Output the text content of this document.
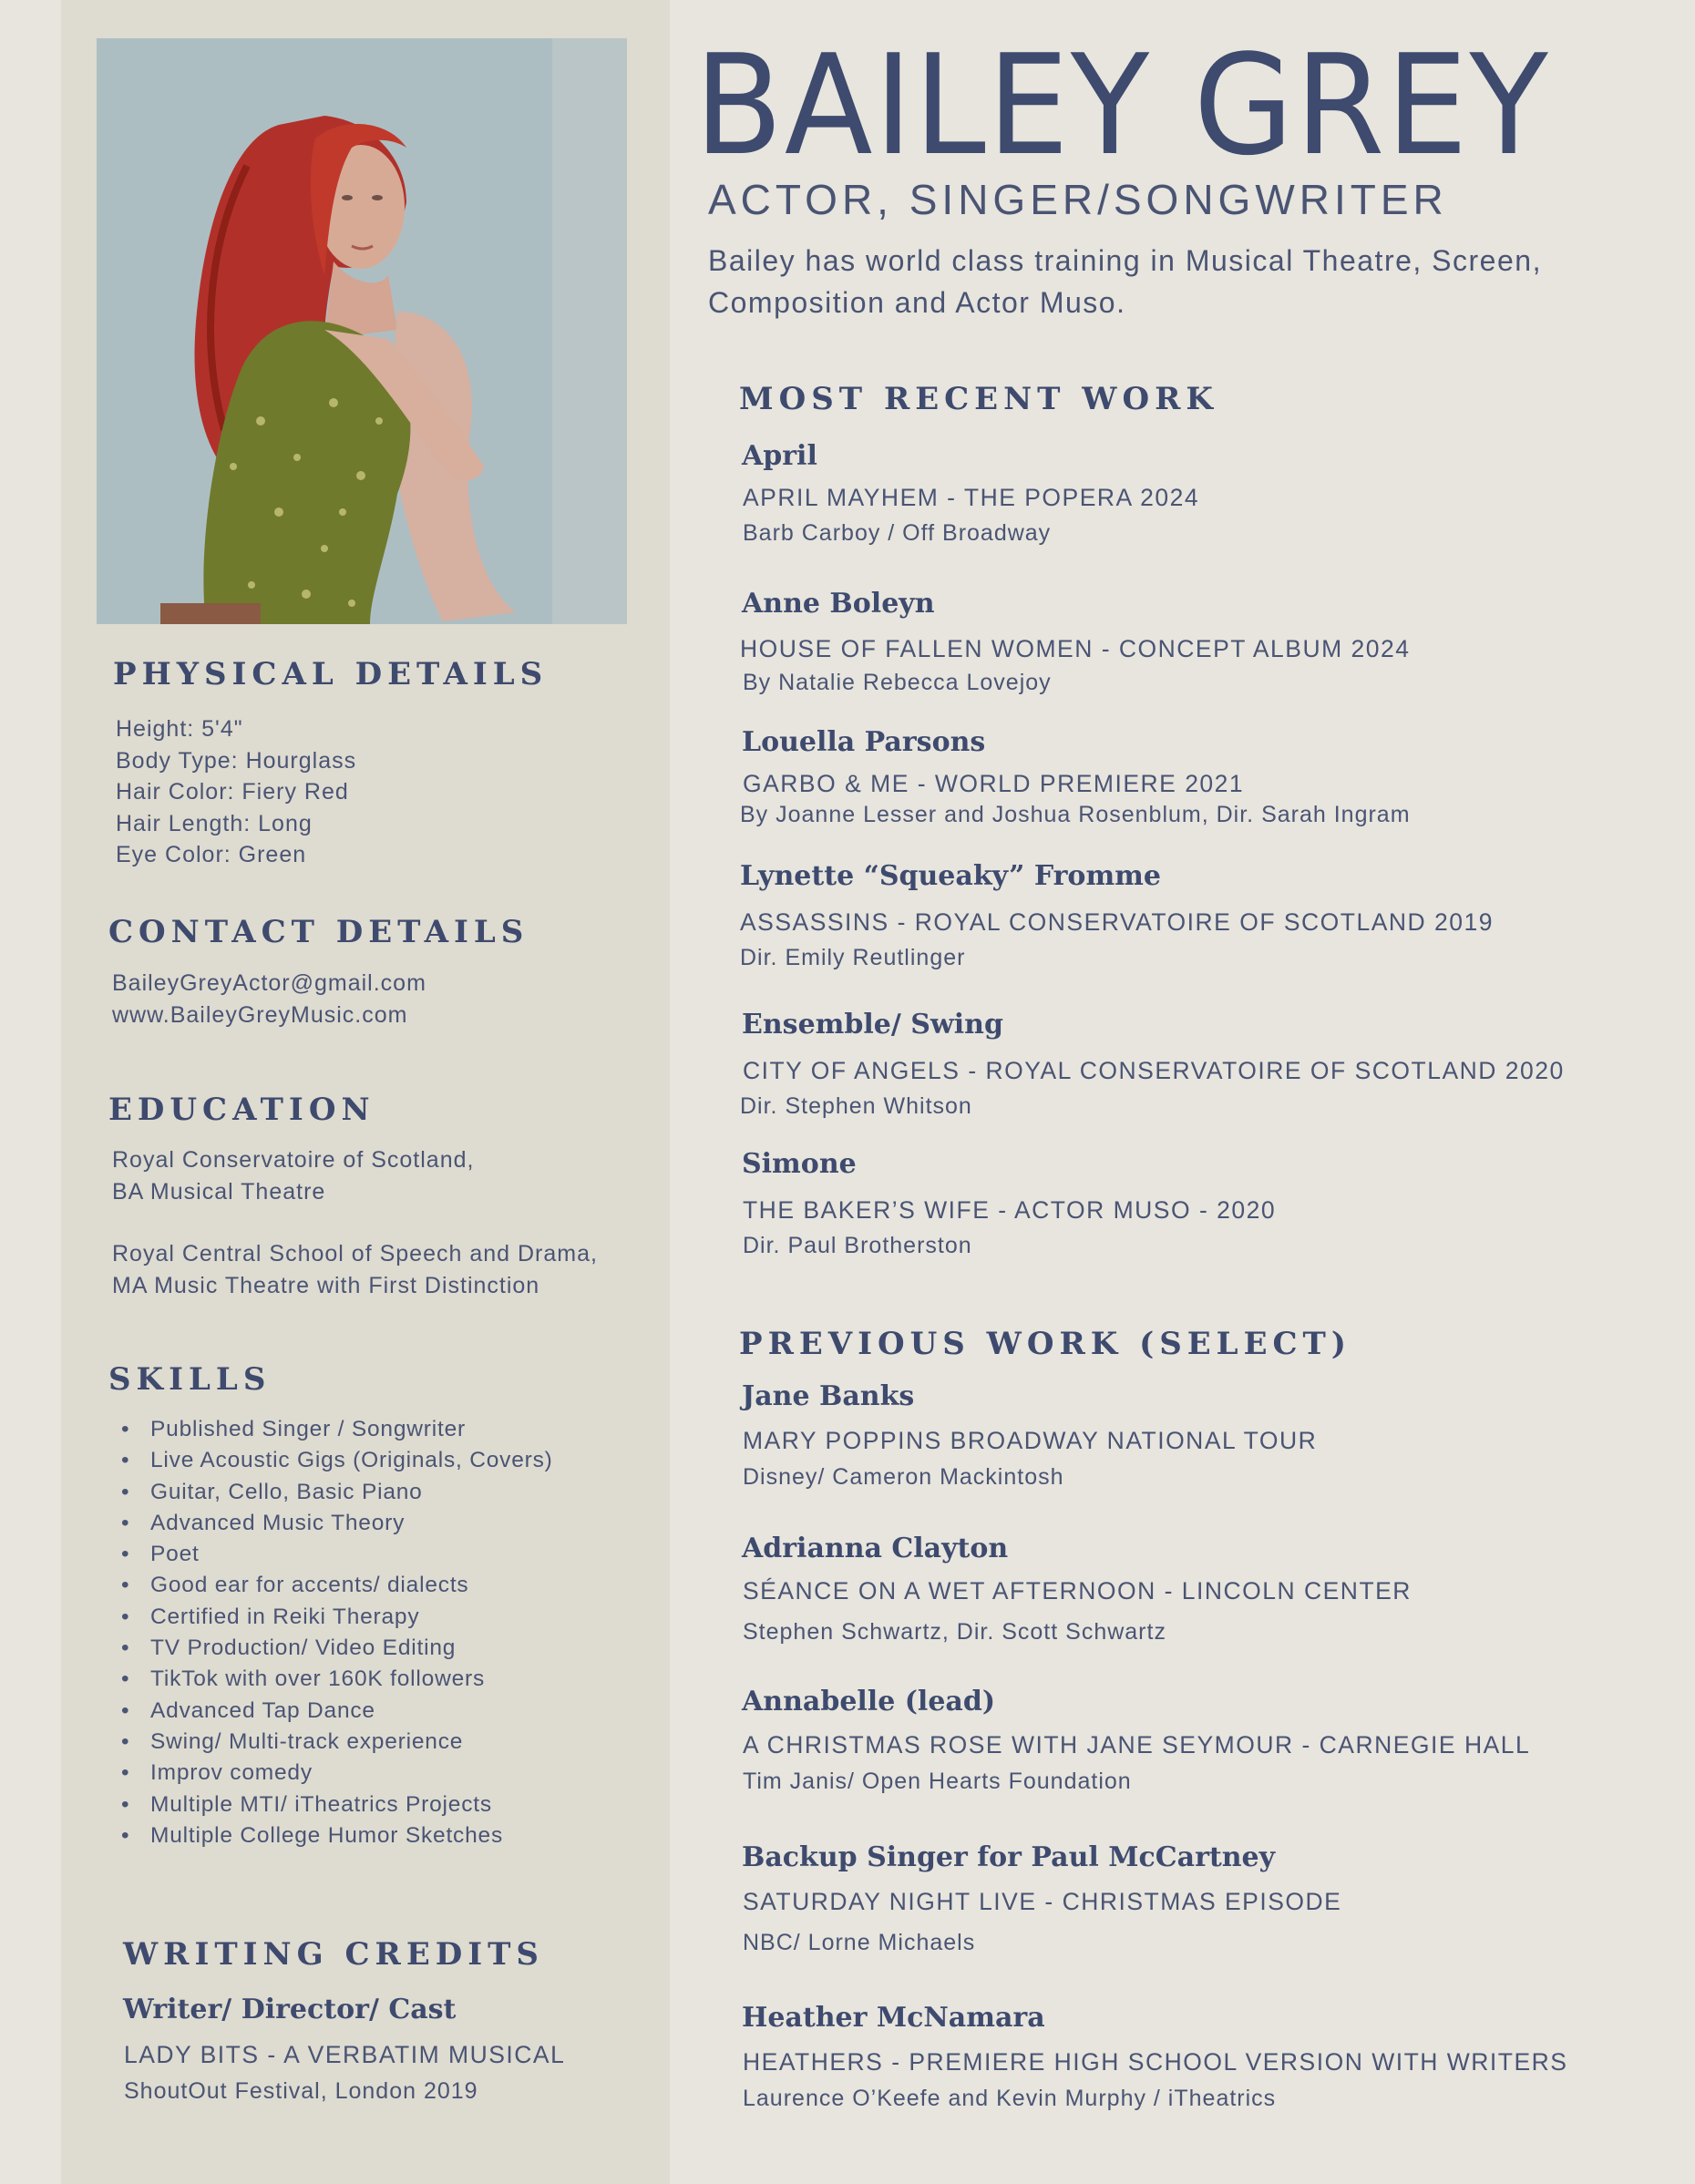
PHYSICAL DETAILS
Height: 5'4"
Body Type: Hourglass
Hair Color: Fiery Red
Hair Length: Long
Eye Color: Green
CONTACT DETAILS
BaileyGreyActor@gmail.com
www.BaileyGreyMusic.com
EDUCATION
Royal Conservatoire of Scotland,
BA Musical Theatre
Royal Central School of Speech and Drama,
MA Music Theatre with First Distinction
SKILLS
• Published Singer / Songwriter
• Live Acoustic Gigs (Originals, Covers)
• Guitar, Cello, Basic Piano
• Advanced Music Theory
• Poet
• Good ear for accents/ dialects
• Certified in Reiki Therapy
• TV Production/ Video Editing
• TikTok with over 160K followers
• Advanced Tap Dance
• Swing/ Multi-track experience
• Improv comedy
• Multiple MTI/ iTheatrics Projects
• Multiple College Humor Sketches
WRITING CREDITS
Writer/ Director/ Cast
LADY BITS - A VERBATIM MUSICAL
ShoutOut Festival, London 2019
BAILEY GREY
ACTOR, SINGER/SONGWRITER
Bailey has world class training in Musical Theatre, Screen, Composition and Actor Muso.
MOST RECENT WORK
April
APRIL MAYHEM - THE POPERA 2024
Barb Carboy / Off Broadway
Anne Boleyn
HOUSE OF FALLEN WOMEN - CONCEPT ALBUM 2024
By Natalie Rebecca Lovejoy
Louella Parsons
GARBO & ME - WORLD PREMIERE 2021
By Joanne Lesser and Joshua Rosenblum, Dir. Sarah Ingram
Lynette “Squeaky” Fromme
ASSASSINS - ROYAL CONSERVATOIRE OF SCOTLAND 2019
Dir. Emily Reutlinger
Ensemble/ Swing
CITY OF ANGELS - ROYAL CONSERVATOIRE OF SCOTLAND 2020
Dir. Stephen Whitson
Simone
THE BAKER’S WIFE - ACTOR MUSO - 2020
Dir. Paul Brotherston
PREVIOUS WORK (SELECT)
Jane Banks
MARY POPPINS BROADWAY NATIONAL TOUR
Disney/ Cameron Mackintosh
Adrianna Clayton
SÉANCE ON A WET AFTERNOON - LINCOLN CENTER
Stephen Schwartz, Dir. Scott Schwartz
Annabelle (lead)
A CHRISTMAS ROSE WITH JANE SEYMOUR - CARNEGIE HALL
Tim Janis/ Open Hearts Foundation
Backup Singer for Paul McCartney
SATURDAY NIGHT LIVE - CHRISTMAS EPISODE
NBC/ Lorne Michaels
Heather McNamara
HEATHERS - PREMIERE HIGH SCHOOL VERSION WITH WRITERS
Laurence O’Keefe and Kevin Murphy / iTheatrics
